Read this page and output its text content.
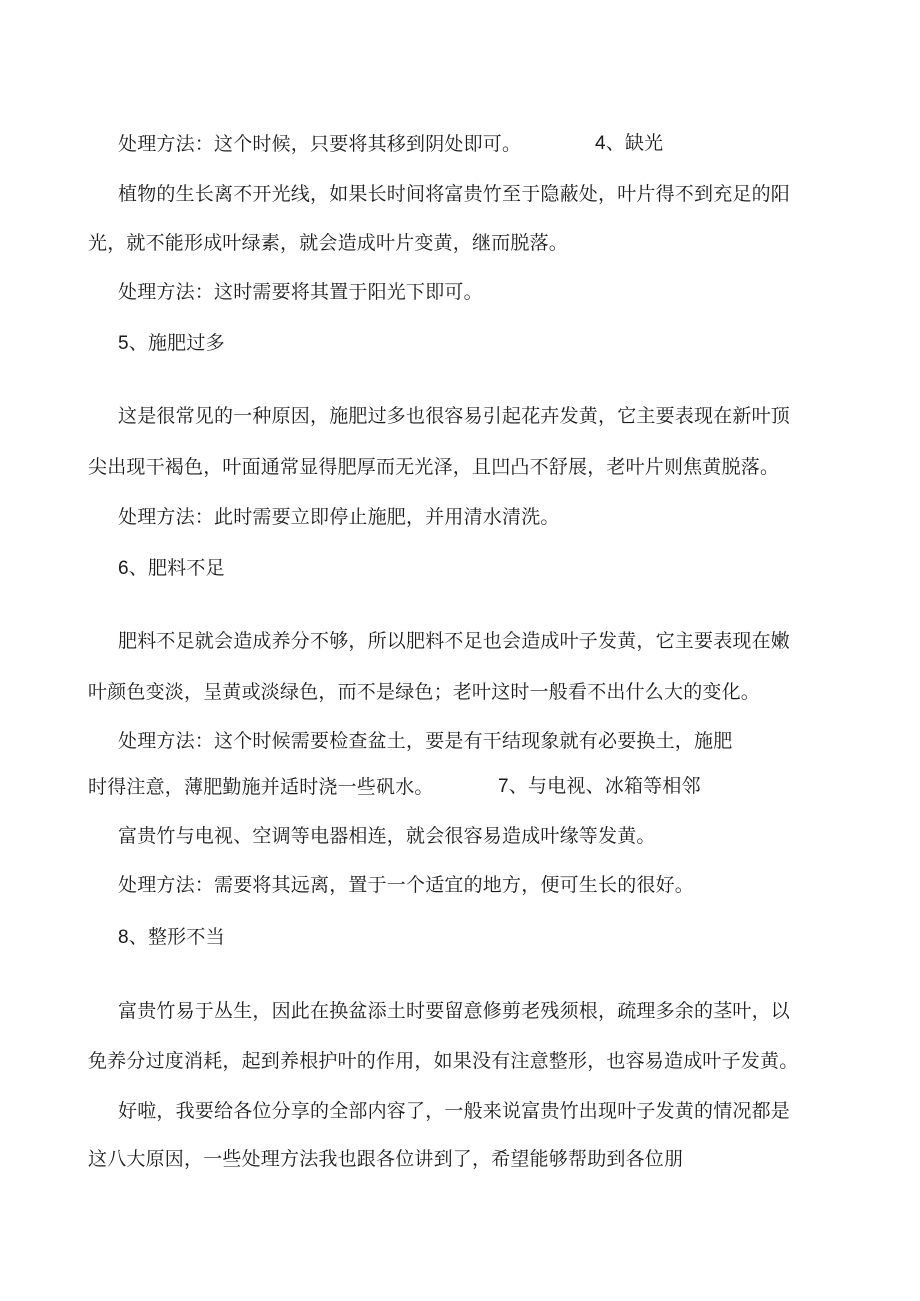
处理方法：这个时候，只要将其移到阴处即可。	4、缺光
植物的生长离不开光线，如果长时间将富贵竹至于隐蔽处，叶片得不到充足的阳
光，就不能形成叶绿素，就会造成叶片变黄，继而脱落。
处理方法：这时需要将其置于阳光下即可。
5、施肥过多
这是很常见的一种原因，施肥过多也很容易引起花卉发黄，它主要表现在新叶顶
尖出现干褐色，叶面通常显得肥厚而无光泽，且凹凸不舒展，老叶片则焦黄脱落。
处理方法：此时需要立即停止施肥，并用清水清洗。
6、肥料不足
肥料不足就会造成养分不够，所以肥料不足也会造成叶子发黄，它主要表现在嫩
叶颜色变淡，呈黄或淡绿色，而不是绿色；老叶这时一般看不出什么大的变化。
处理方法：这个时候需要检查盆土，要是有干结现象就有必要换土，施肥
时得注意，薄肥勤施并适时浇一些矾水。	7、与电视、冰箱等相邻
富贵竹与电视、空调等电器相连，就会很容易造成叶缘等发黄。
处理方法：需要将其远离，置于一个适宜的地方，便可生长的很好。
8、整形不当
富贵竹易于丛生，因此在换盆添土时要留意修剪老残须根，疏理多余的茎叶，以
免养分过度消耗，起到养根护叶的作用，如果没有注意整形，也容易造成叶子发黄。
好啦，我要给各位分享的全部内容了，一般来说富贵竹出现叶子发黄的情况都是
这八大原因，一些处理方法我也跟各位讲到了，希望能够帮助到各位朋
